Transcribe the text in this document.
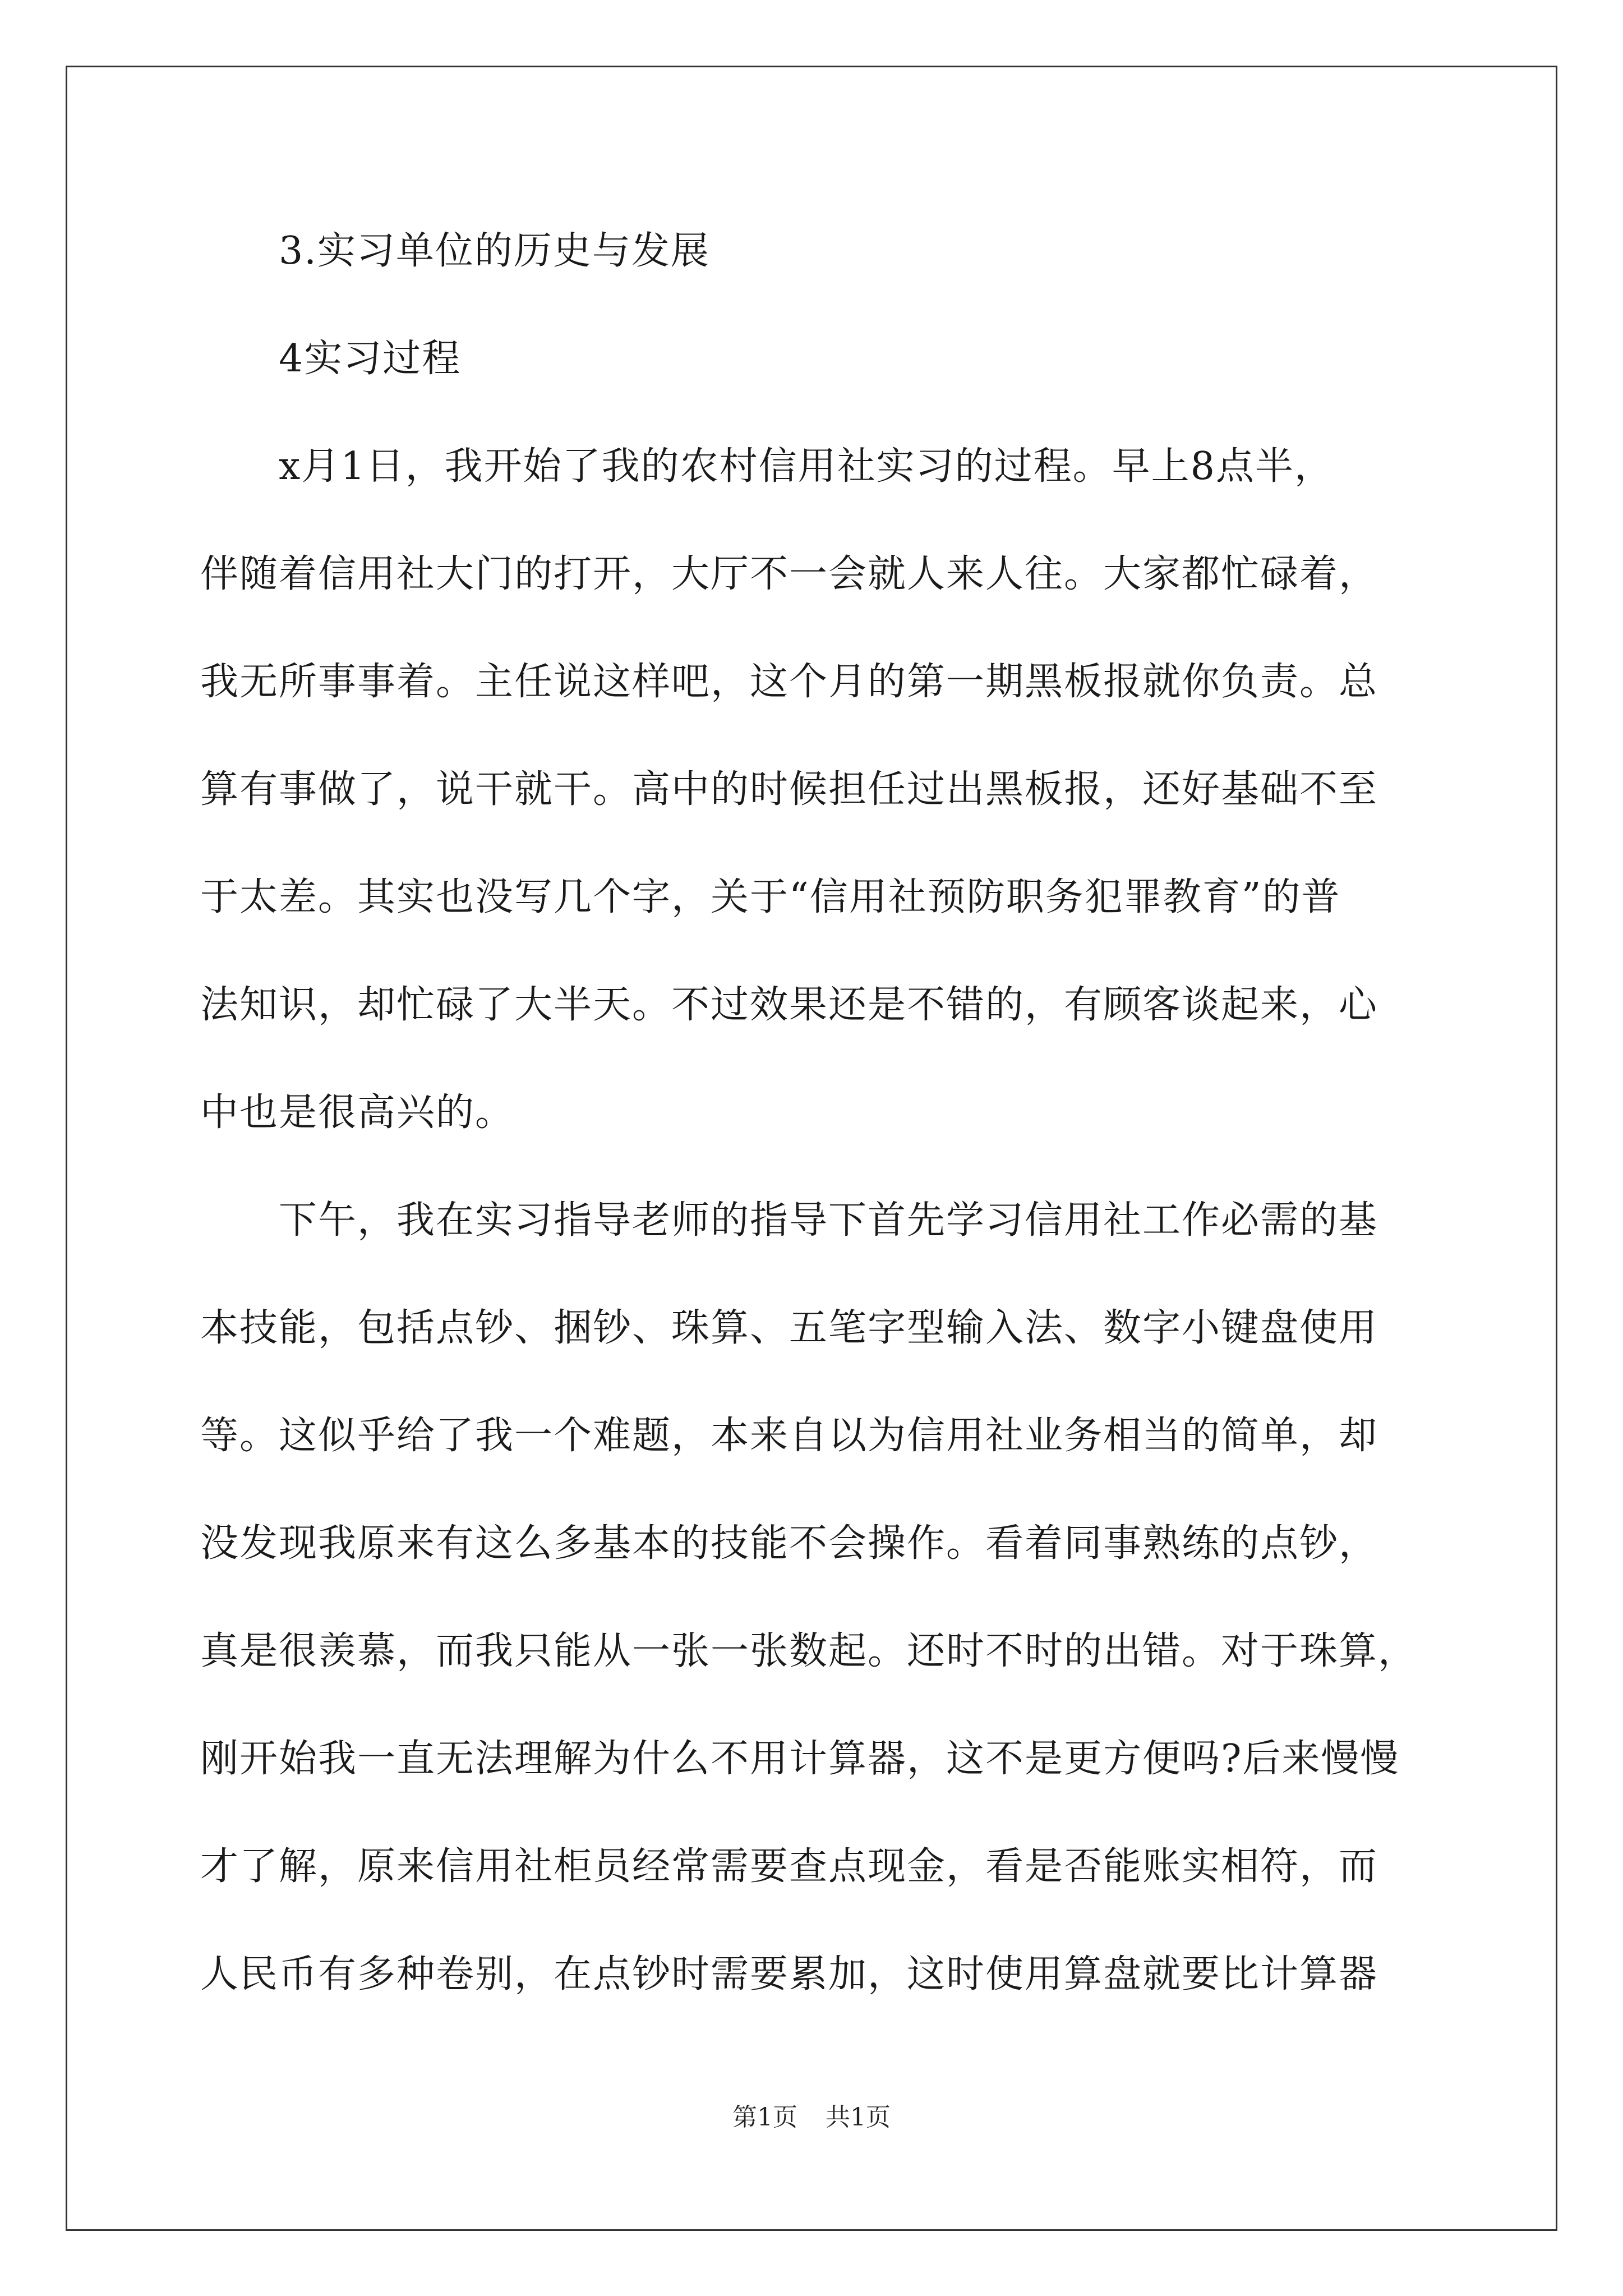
3.实习单位的历史与发展
4实习过程
x月1日，我开始了我的农村信用社实习的过程。早上8点半，
伴随着信用社大门的打开，大厅不一会就人来人往。大家都忙碌着，
我无所事事着。主任说这样吧，这个月的第一期黑板报就你负责。总
算有事做了，说干就干。高中的时候担任过出黑板报，还好基础不至
于太差。其实也没写几个字，关于“信用社预防职务犯罪教育”的普
法知识，却忙碌了大半天。不过效果还是不错的，有顾客谈起来，心
中也是很高兴的。
下午，我在实习指导老师的指导下首先学习信用社工作必需的基
本技能，包括点钞、捆钞、珠算、五笔字型输入法、数字小键盘使用
等。这似乎给了我一个难题，本来自以为信用社业务相当的简单，却
没发现我原来有这么多基本的技能不会操作。看着同事熟练的点钞，
真是很羡慕，而我只能从一张一张数起。还时不时的出错。对于珠算，
刚开始我一直无法理解为什么不用计算器，这不是更方便吗?后来慢慢
才了解，原来信用社柜员经常需要查点现金，看是否能账实相符，而
人民币有多种卷别，在点钞时需要累加，这时使用算盘就要比计算器
第1页 共1页
